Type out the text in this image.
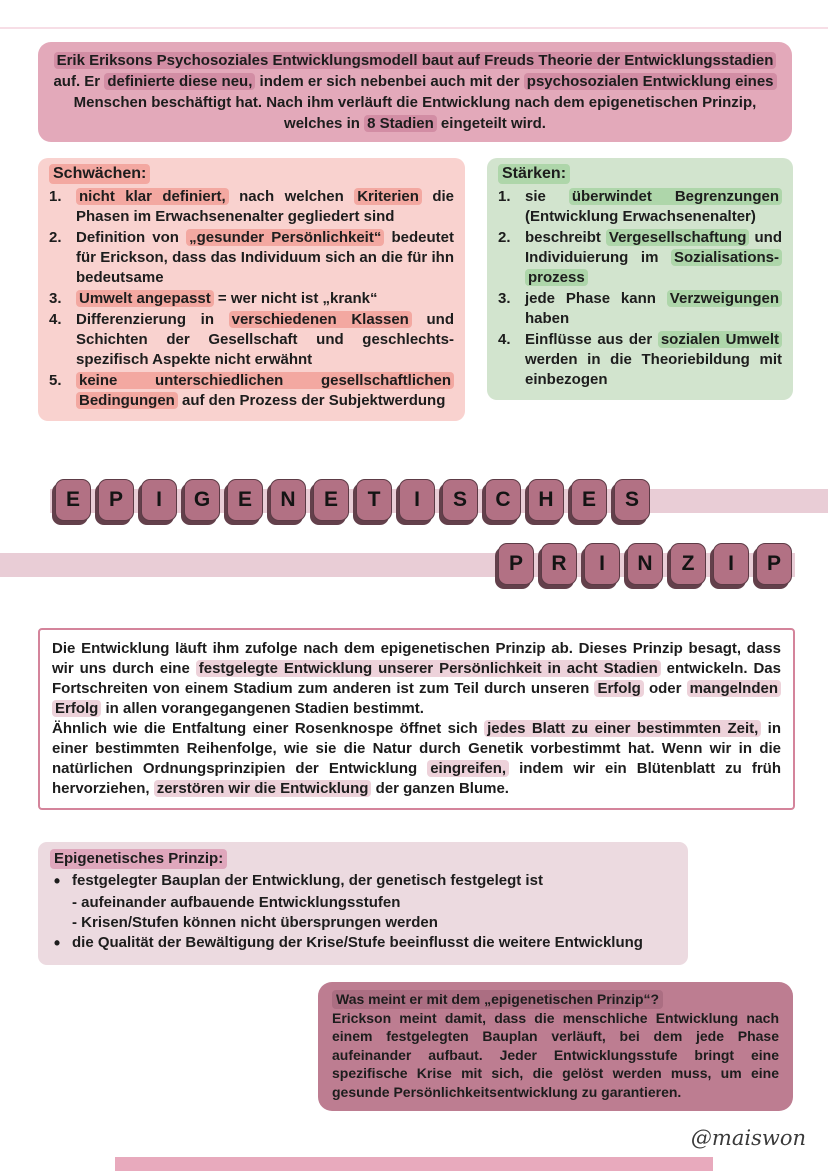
Erik Eriksons Psychosoziales Entwicklungsmodell baut auf Freuds Theorie der Entwicklungsstadien
auf. Er definierte diese neu, indem er sich nebenbei auch mit der psychosozialen Entwicklung eines
Menschen beschäftigt hat. Nach ihm verläuft die Entwicklung nach dem epigenetischen Prinzip,
welches in 8 Stadien eingeteilt wird.
Schwächen:
1.	nicht klar definiert, nach welchen Kriterien die Phasen im Erwachsenenalter gegliedert sind
2. Definition von „gesunder Persönlichkeit“ bedeutet für Erickson, dass das Individuum sich an die für ihn bedeutsame
3.	Umwelt angepasst = wer nicht ist „krank“
4. Differenzierung in verschiedenen Klassen und Schichten der Gesellschaft und geschlechts-spezifisch Aspekte nicht erwähnt
5.	keine unterschiedlichen gesellschaftlichen Bedingungen auf den Prozess der Subjektwerdung
Stärken:
1. sie überwindet Begrenzungen (Entwicklung Erwachsenenalter)
2. beschreibt Vergesellschaftung und Individuierung im Sozialisations-prozess
3. jede Phase kann Verzweigungen haben
4. Einflüsse aus der sozialen Umwelt werden in die Theoriebildung mit einbezogen
E	P	I	G	E	N	E	T	I	S	C	H	E	S
P	R	I	N	Z	I	P
Die Entwicklung läuft ihm zufolge nach dem epigenetischen Prinzip ab. Dieses Prinzip besagt, dass wir uns durch eine festgelegte Entwicklung unserer Persönlichkeit in acht Stadien entwickeln. Das Fortschreiten von einem Stadium zum anderen ist zum Teil durch unseren Erfolg oder mangelnden Erfolg in allen vorangegangenen Stadien bestimmt.
Ähnlich wie die Entfaltung einer Rosenknospe öffnet sich jedes Blatt zu einer bestimmten Zeit, in einer bestimmten Reihenfolge, wie sie die Natur durch Genetik vorbestimmt hat. Wenn wir in die natürlichen Ordnungsprinzipien der Entwicklung eingreifen, indem wir ein Blütenblatt zu früh hervorziehen, zerstören wir die Entwicklung der ganzen Blume.
Epigenetisches Prinzip:
•
festgelegter Bauplan der Entwicklung, der genetisch festgelegt ist
- aufeinander aufbauende Entwicklungsstufen
- Krisen/Stufen können nicht übersprungen werden
•
die Qualität der Bewältigung der Krise/Stufe beeinflusst die weitere Entwicklung
Was meint er mit dem „epigenetischen Prinzip“?
Erickson meint damit, dass die menschliche Entwicklung nach einem festgelegten Bauplan verläuft, bei dem jede Phase aufeinander aufbaut. Jeder Entwicklungsstufe bringt eine spezifische Krise mit sich, die gelöst werden muss, um eine gesunde Persönlichkeitsentwicklung zu garantieren.
@maiswon
